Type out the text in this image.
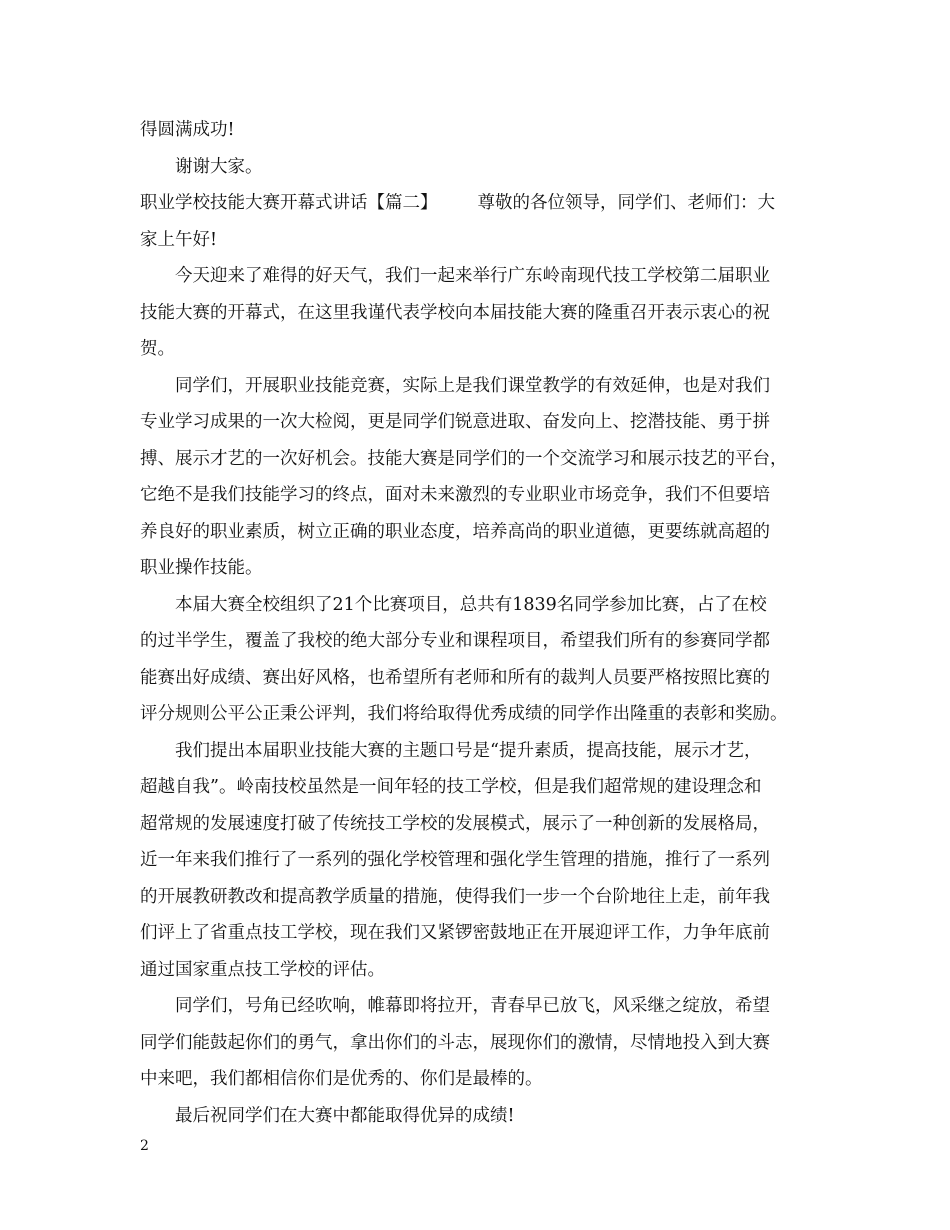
得圆满成功!
谢谢大家。
职业学校技能大赛开幕式讲话【篇二】 尊敬的各位领导，同学们、老师们：大
家上午好!
今天迎来了难得的好天气，我们一起来举行广东岭南现代技工学校第二届职业
技能大赛的开幕式，在这里我谨代表学校向本届技能大赛的隆重召开表示衷心的祝
贺。
同学们，开展职业技能竞赛，实际上是我们课堂教学的有效延伸，也是对我们
专业学习成果的一次大检阅，更是同学们锐意进取、奋发向上、挖潜技能、勇于拼
搏、展示才艺的一次好机会。技能大赛是同学们的一个交流学习和展示技艺的平台，
它绝不是我们技能学习的终点，面对未来激烈的专业职业市场竞争，我们不但要培
养良好的职业素质，树立正确的职业态度，培养高尚的职业道德，更要练就高超的
职业操作技能。
本届大赛全校组织了21个比赛项目，总共有1839名同学参加比赛，占了在校
的过半学生，覆盖了我校的绝大部分专业和课程项目，希望我们所有的参赛同学都
能赛出好成绩、赛出好风格，也希望所有老师和所有的裁判人员要严格按照比赛的
评分规则公平公正秉公评判，我们将给取得优秀成绩的同学作出隆重的表彰和奖励。
我们提出本届职业技能大赛的主题口号是“提升素质，提高技能，展示才艺，
超越自我”。岭南技校虽然是一间年轻的技工学校，但是我们超常规的建设理念和
超常规的发展速度打破了传统技工学校的发展模式，展示了一种创新的发展格局，
近一年来我们推行了一系列的强化学校管理和强化学生管理的措施，推行了一系列
的开展教研教改和提高教学质量的措施，使得我们一步一个台阶地往上走，前年我
们评上了省重点技工学校，现在我们又紧锣密鼓地正在开展迎评工作，力争年底前
通过国家重点技工学校的评估。
同学们，号角已经吹响，帷幕即将拉开，青春早已放飞，风采继之绽放，希望
同学们能鼓起你们的勇气，拿出你们的斗志，展现你们的激情，尽情地投入到大赛
中来吧，我们都相信你们是优秀的、你们是最棒的。
最后祝同学们在大赛中都能取得优异的成绩!
2
